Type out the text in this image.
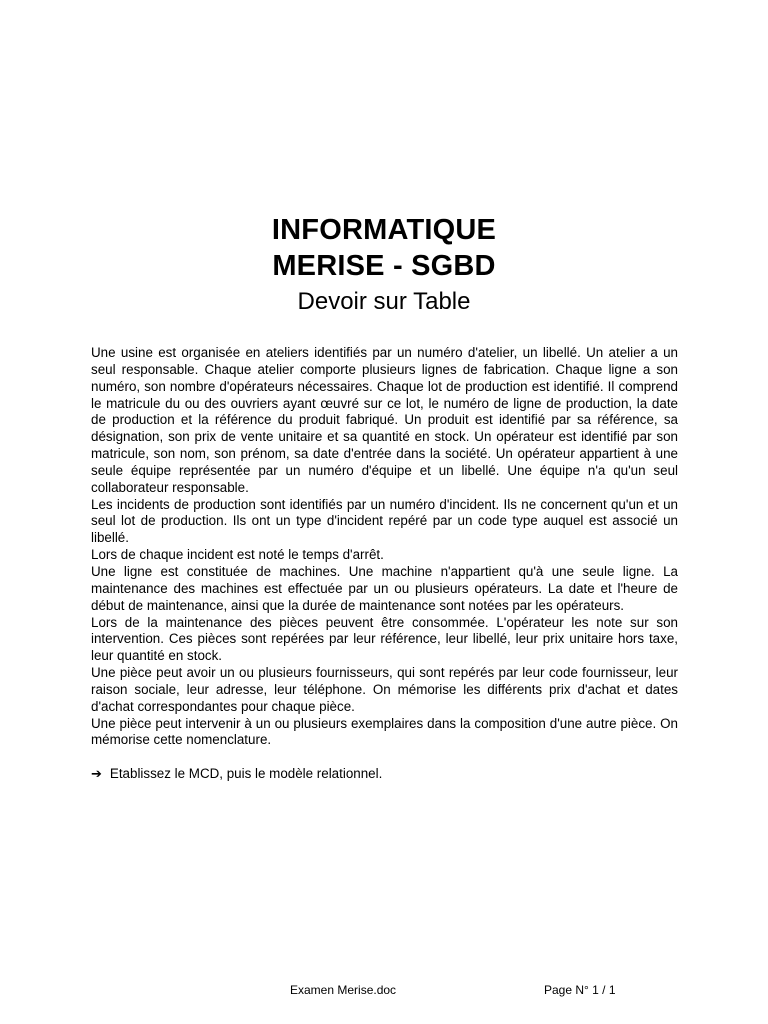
INFORMATIQUE
MERISE - SGBD
Devoir sur Table

Une usine est organisée en ateliers identifiés par un numéro d'atelier, un libellé. Un atelier a un seul responsable. Chaque atelier comporte plusieurs lignes de fabrication. Chaque ligne a son numéro, son nombre d'opérateurs nécessaires. Chaque lot de production est identifié. Il comprend le matricule du ou des ouvriers ayant œuvré sur ce lot, le numéro de ligne de production, la date de production et la référence du produit fabriqué. Un produit est identifié par sa référence, sa désignation, son prix de vente unitaire et sa quantité en stock. Un opérateur est identifié par son matricule, son nom, son prénom, sa date d'entrée dans la société. Un opérateur appartient à une seule équipe représentée par un numéro d'équipe et un libellé. Une équipe n'a qu'un seul collaborateur responsable.

Les incidents de production sont identifiés par un numéro d'incident. Ils ne concernent qu'un et un seul lot de production. Ils ont un type d'incident repéré par un code type auquel est associé un libellé.

Lors de chaque incident est noté le temps d'arrêt.

Une ligne est constituée de machines. Une machine n'appartient qu'à une seule ligne. La maintenance des machines est effectuée par un ou plusieurs opérateurs. La date et l'heure de début de maintenance, ainsi que la durée de maintenance sont notées par les opérateurs.

Lors de la maintenance des pièces peuvent être consommée. L'opérateur les note sur son intervention. Ces pièces sont repérées par leur référence, leur libellé, leur prix unitaire hors taxe, leur quantité en stock.

Une pièce peut avoir un ou plusieurs fournisseurs, qui sont repérés par leur code fournisseur, leur raison sociale, leur adresse, leur téléphone. On mémorise les différents prix d'achat et dates d'achat correspondantes pour chaque pièce.

Une pièce peut intervenir à un ou plusieurs exemplaires dans la composition d'une autre pièce. On mémorise cette nomenclature.

➔ Etablissez le MCD, puis le modèle relationnel.

Examen Merise.doc	Page N° 1 / 1
